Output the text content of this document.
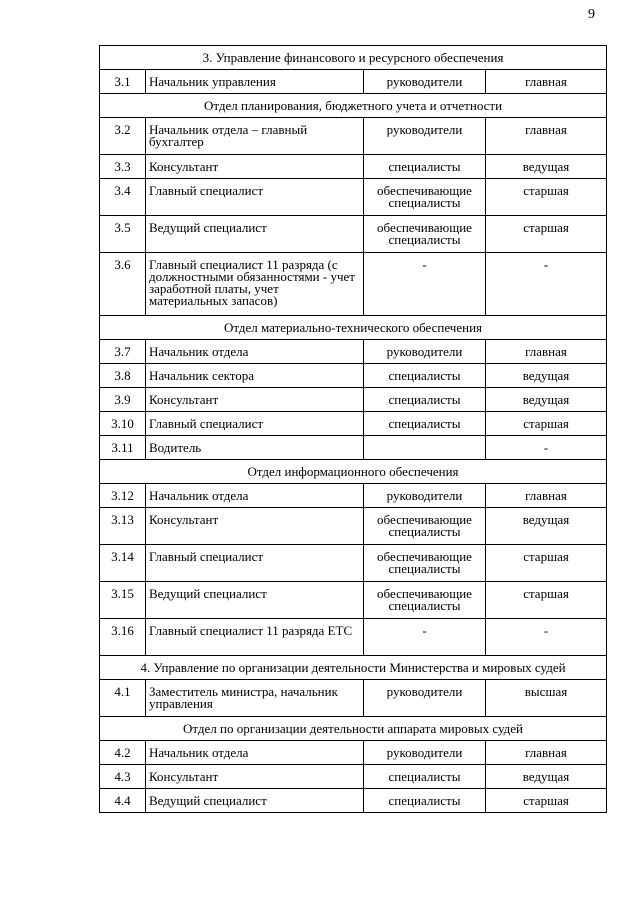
9
3. Управление финансового и ресурсного обеспечения			
3.1	Начальник управления	руководители	главная
Отдел планирования, бюджетного учета и отчетности			
3.2	Начальник отдела – главный бухгалтер	руководители	главная
3.3	Консультант	специалисты	ведущая
3.4	Главный специалист	обеспечивающие специалисты	старшая
3.5	Ведущий специалист	обеспечивающие специалисты	старшая
3.6	Главный специалист 11 разряда (с должностными обязанностями - учет заработной платы, учет материальных запасов)	-	-
Отдел материально-технического обеспечения			
3.7	Начальник отдела	руководители	главная
3.8	Начальник сектора	специалисты	ведущая
3.9	Консультант	специалисты	ведущая
3.10	Главный специалист	специалисты	старшая
3.11	Водитель		-
Отдел информационного обеспечения			
3.12	Начальник отдела	руководители	главная
3.13	Консультант	обеспечивающие специалисты	ведущая
3.14	Главный специалист	обеспечивающие специалисты	старшая
3.15	Ведущий специалист	обеспечивающие специалисты	старшая
3.16	Главный специалист 11 разряда ЕТС	-	-
4. Управление по организации деятельности Министерства и мировых судей			
4.1	Заместитель министра, начальник управления	руководители	высшая
Отдел по организации деятельности аппарата мировых судей			
4.2	Начальник отдела	руководители	главная
4.3	Консультант	специалисты	ведущая
4.4	Ведущий специалист	специалисты	старшая
